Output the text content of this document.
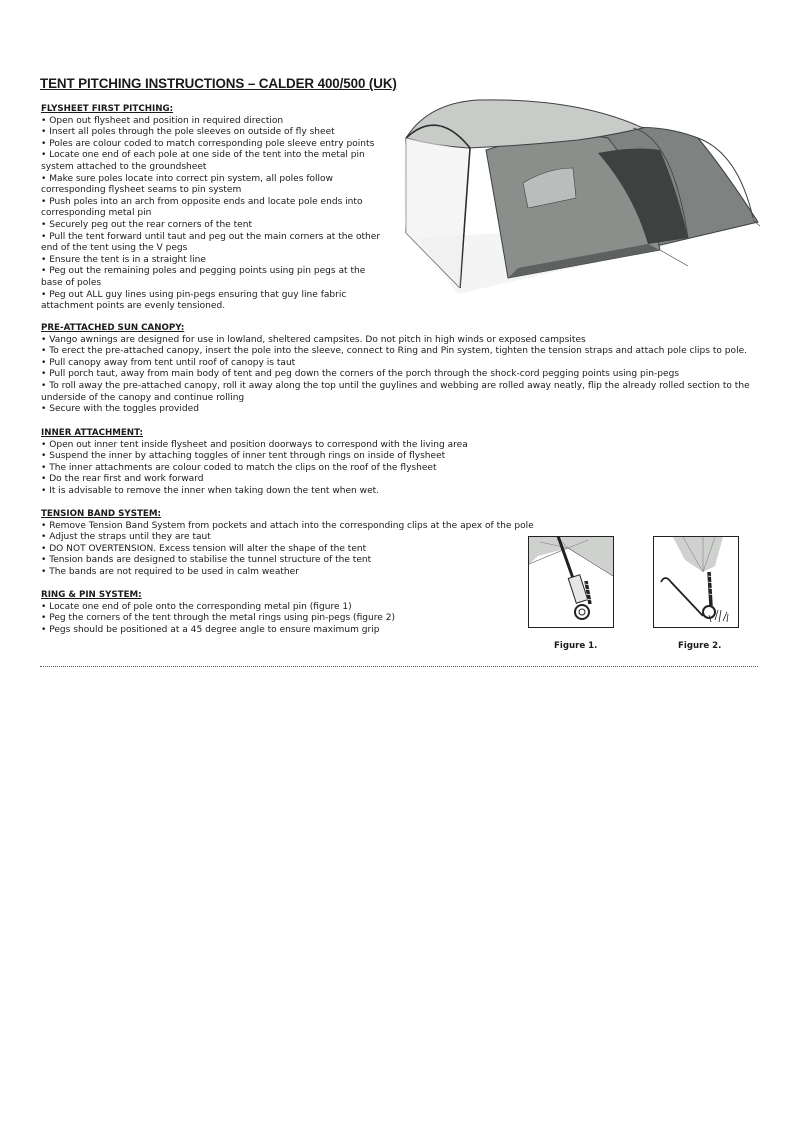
TENT PITCHING INSTRUCTIONS – CALDER 400/500 (UK)
FLYSHEET FIRST PITCHING:
• Open out flysheet and position in required direction
• Insert all poles through the pole sleeves on outside of fly sheet
• Poles are colour coded to match corresponding pole sleeve entry points
• Locate one end of each pole at one side of the tent into the metal pin system attached to the groundsheet
• Make sure poles locate into correct pin system, all poles follow corresponding flysheet seams to pin system
• Push poles into an arch from opposite ends and locate pole ends into corresponding metal pin
• Securely peg out the rear corners of the tent
• Pull the tent forward until taut and peg out the main corners at the other end of the tent using the V pegs
• Ensure the tent is in a straight line
• Peg out the remaining poles and pegging points using pin pegs at the base of poles
• Peg out ALL guy lines using pin-pegs ensuring that guy line fabric attachment points are evenly tensioned.
PRE-ATTACHED SUN CANOPY:
• Vango awnings are designed for use in lowland, sheltered campsites. Do not pitch in high winds or exposed campsites
• To erect the pre-attached canopy, insert the pole into the sleeve, connect to Ring and Pin system, tighten the tension straps and attach pole clips to pole.
• Pull canopy away from tent until roof of canopy is taut
• Pull porch taut, away from main body of tent and peg down the corners of the porch through the shock-cord pegging points using pin-pegs
• To roll away the pre-attached canopy, roll it away along the top until the guylines and webbing are rolled away neatly, flip the already rolled section to the underside of the canopy and continue rolling
• Secure with the toggles provided
INNER ATTACHMENT:
• Open out inner tent inside flysheet and position doorways to correspond with the living area
• Suspend the inner by attaching toggles of inner tent through rings on inside of flysheet
• The inner attachments are colour coded to match the clips on the roof of the flysheet
• Do the rear first and work forward
• It is advisable to remove the inner when taking down the tent when wet.
TENSION BAND SYSTEM:
• Remove Tension Band System from pockets and attach into the corresponding clips at the apex of the pole
• Adjust the straps until they are taut
• DO NOT OVERTENSION. Excess tension will alter the shape of the tent
• Tension bands are designed to stabilise the tunnel structure of the tent
• The bands are not required to be used in calm weather
RING & PIN SYSTEM:
• Locate one end of pole onto the corresponding metal pin (figure 1)
• Peg the corners of the tent through the metal rings using pin-pegs (figure 2)
• Pegs should be positioned at a 45 degree angle to ensure maximum grip
Figure 1.	Figure 2.
